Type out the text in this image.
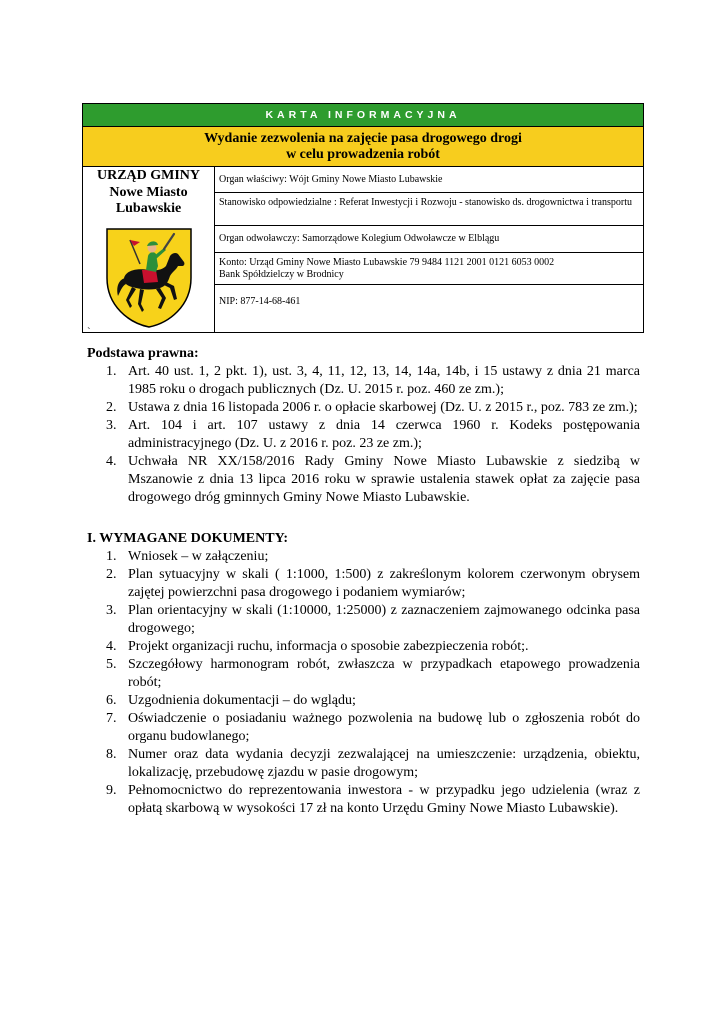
KARTA INFORMACYJNA
Wydanie zezwolenia na zajęcie pasa drogowego drogi
w celu prowadzenia robót
URZĄD GMINY
Nowe Miasto
Lubawskie
Organ właściwy: Wójt Gminy Nowe Miasto Lubawskie
Stanowisko odpowiedzialne : Referat Inwestycji i Rozwoju - stanowisko ds. drogownictwa i transportu
Organ odwoławczy: Samorządowe Kolegium Odwoławcze w Elblągu
Konto: Urząd Gminy Nowe Miasto Lubawskie 79 9484 1121 2001 0121 6053 0002
Bank Spółdzielczy w Brodnicy
NIP: 877-14-68-461
`
Podstawa prawna:
1. Art. 40 ust. 1, 2 pkt. 1), ust. 3, 4, 11, 12, 13, 14, 14a, 14b, i 15 ustawy z dnia 21 marca 1985 roku o drogach publicznych (Dz. U. 2015 r. poz. 460 ze zm.);
2. Ustawa z dnia 16 listopada 2006 r. o opłacie skarbowej (Dz. U. z 2015 r., poz. 783 ze zm.);
3. Art. 104 i art. 107 ustawy z dnia 14 czerwca 1960 r. Kodeks postępowania administracyjnego (Dz. U. z 2016 r. poz. 23 ze zm.);
4. Uchwała NR XX/158/2016 Rady Gminy Nowe Miasto Lubawskie z siedzibą w Mszanowie z dnia 13 lipca 2016 roku w sprawie ustalenia stawek opłat za zajęcie pasa drogowego dróg gminnych Gminy Nowe Miasto Lubawskie.
I. WYMAGANE DOKUMENTY:
1. Wniosek – w załączeniu;
2. Plan sytuacyjny w skali ( 1:1000, 1:500) z zakreślonym kolorem czerwonym obrysem zajętej powierzchni pasa drogowego i podaniem wymiarów;
3. Plan orientacyjny w skali (1:10000, 1:25000) z zaznaczeniem zajmowanego odcinka pasa drogowego;
4. Projekt organizacji ruchu, informacja o sposobie zabezpieczenia robót;.
5. Szczegółowy harmonogram robót, zwłaszcza w przypadkach etapowego prowadzenia robót;
6. Uzgodnienia dokumentacji – do wglądu;
7. Oświadczenie o posiadaniu ważnego pozwolenia na budowę lub o zgłoszenia robót do organu budowlanego;
8. Numer oraz data wydania decyzji zezwalającej na umieszczenie: urządzenia, obiektu, lokalizację, przebudowę zjazdu w pasie drogowym;
9. Pełnomocnictwo do reprezentowania inwestora - w przypadku jego udzielenia (wraz z opłatą skarbową w wysokości 17 zł na konto Urzędu Gminy Nowe Miasto Lubawskie).
